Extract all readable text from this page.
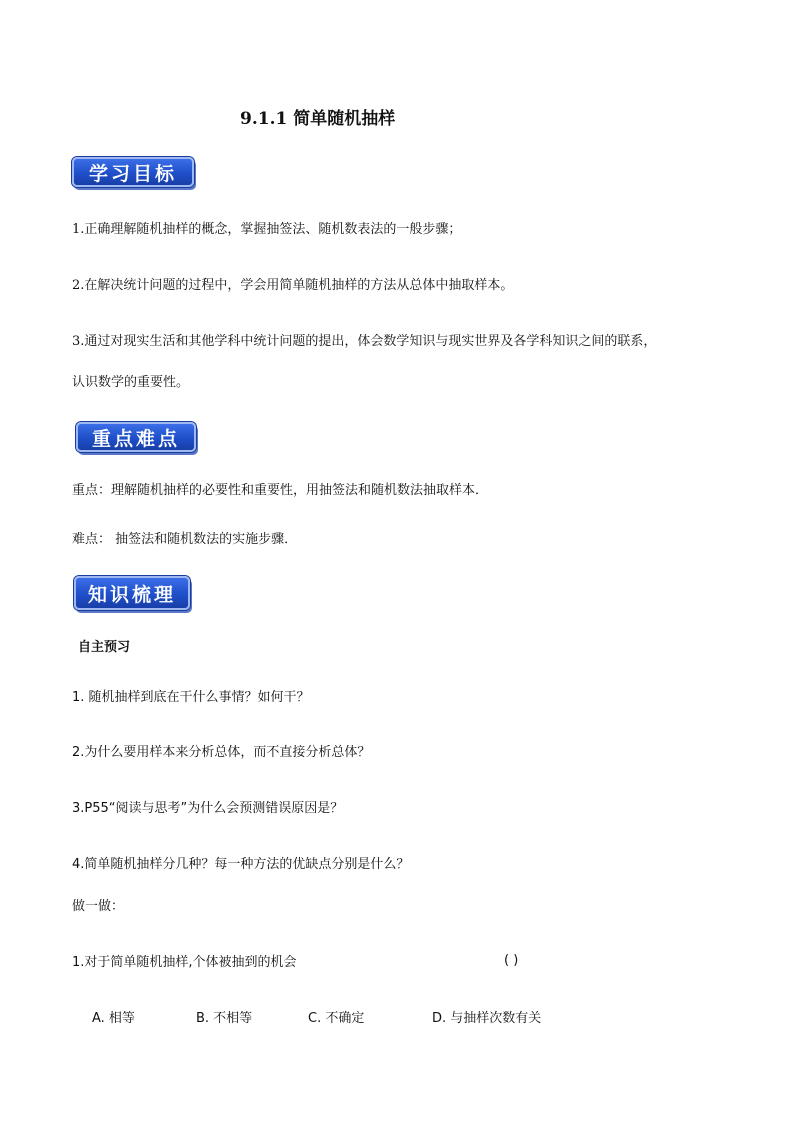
9.1.1 简单随机抽样
学习目标
1.正确理解随机抽样的概念，掌握抽签法、随机数表法的一般步骤；
2.在解决统计问题的过程中，学会用简单随机抽样的方法从总体中抽取样本。
3.通过对现实生活和其他学科中统计问题的提出，体会数学知识与现实世界及各学科知识之间的联系，
认识数学的重要性。
重点难点
重点：理解随机抽样的必要性和重要性，用抽签法和随机数法抽取样本．
难点： 抽签法和随机数法的实施步骤．
知识梳理
自主预习
1. 随机抽样到底在干什么事情？如何干？
2.为什么要用样本来分析总体，而不直接分析总体？
3.P55“阅读与思考”为什么会预测错误原因是？
4.简单随机抽样分几种？每一种方法的优缺点分别是什么？
做一做：
1.对于简单随机抽样,个体被抽到的机会	( )
A. 相等	B. 不相等	C. 不确定	D. 与抽样次数有关
